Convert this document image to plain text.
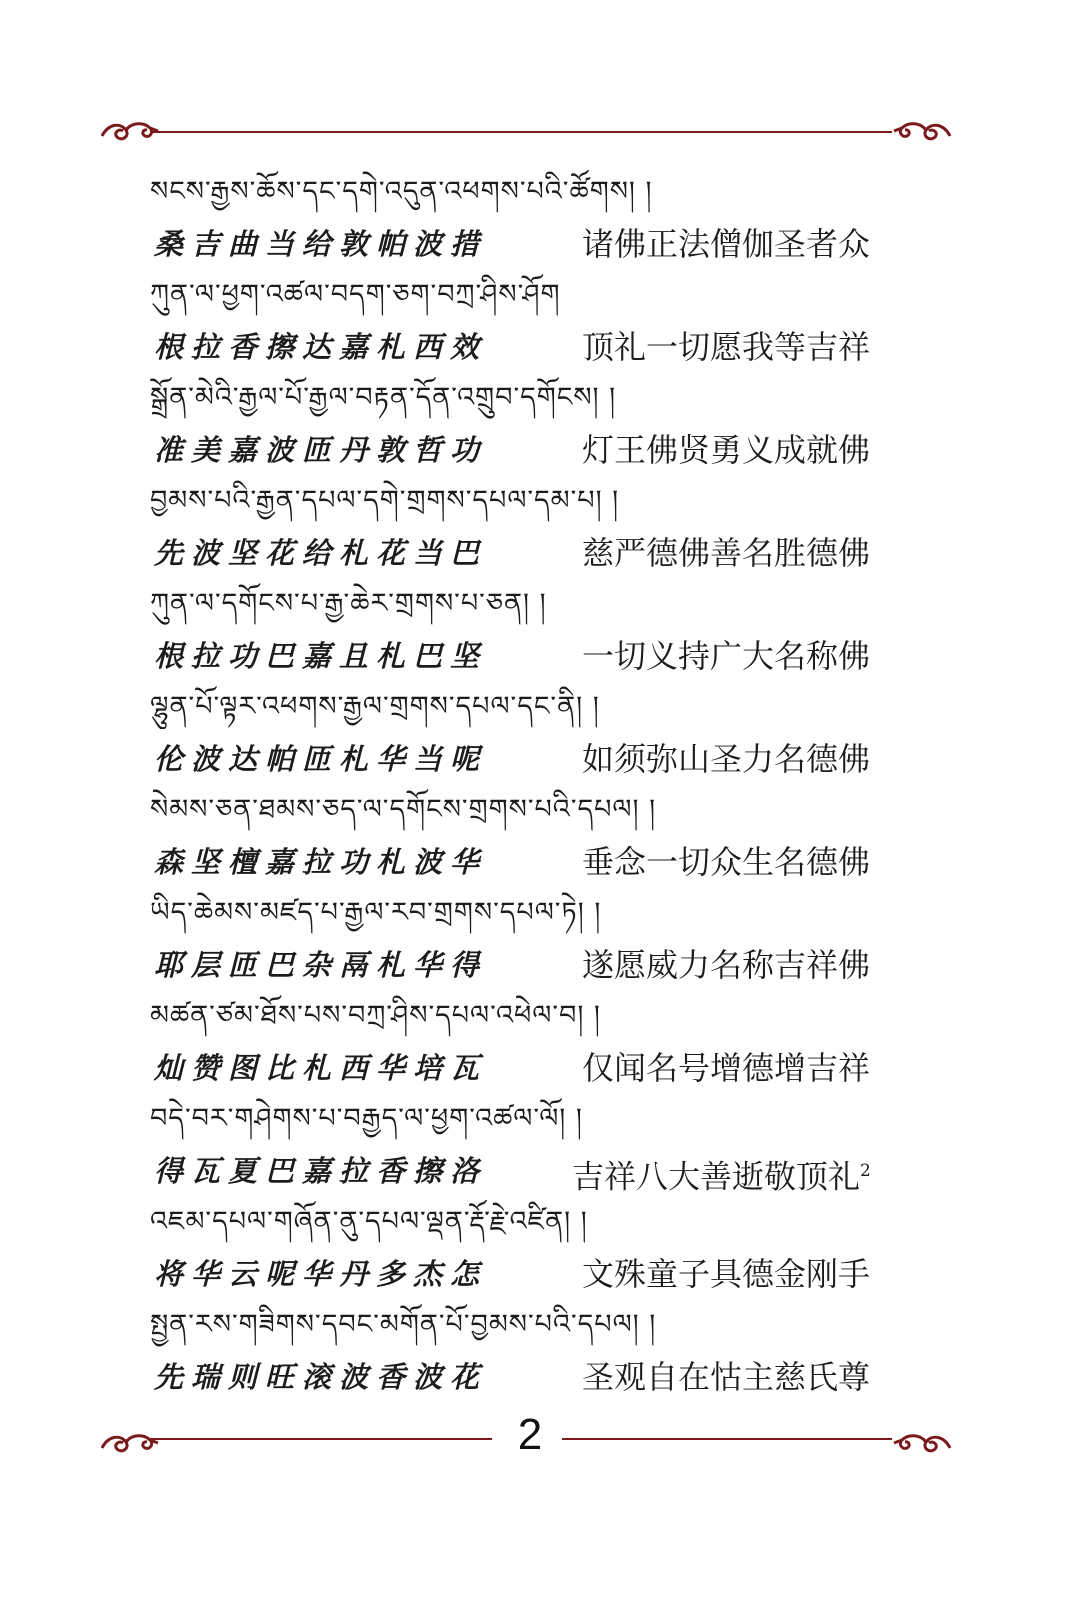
སངས་རྒྱས་ཆོས་དང་དགེ་འདུན་འཕགས་པའི་ཚོགས། །
桑吉曲当给敦帕波措	诸佛正法僧伽圣者众
ཀུན་ལ་ཕྱག་འཚལ་བདག་ཅག་བཀྲ་ཤིས་ཤོག
根拉香擦达嘉札西效	顶礼一切愿我等吉祥
སྒྲོན་མེའི་རྒྱལ་པོ་རྒྱལ་བརྟན་དོན་འགྲུབ་དགོངས། །
准美嘉波匝丹敦哲功	灯王佛贤勇义成就佛
བྱམས་པའི་རྒྱན་དཔལ་དགེ་གྲགས་དཔལ་དམ་པ། །
先波坚花给札花当巴	慈严德佛善名胜德佛
ཀུན་ལ་དགོངས་པ་རྒྱ་ཆེར་གྲགས་པ་ཅན། །
根拉功巴嘉且札巴坚	一切义持广大名称佛
ལྷུན་པོ་ལྟར་འཕགས་རྒྱལ་གྲགས་དཔལ་དང་ནི། །
伦波达帕匝札华当呢	如须弥山圣力名德佛
སེམས་ཅན་ཐམས་ཅད་ལ་དགོངས་གྲགས་པའི་དཔལ། །
森坚檀嘉拉功札波华	垂念一切众生名德佛
ཡིད་ཆེམས་མཛད་པ་རྒྱལ་རབ་གྲགས་དཔལ་ཏེ། །
耶层匝巴杂鬲札华得	遂愿威力名称吉祥佛
མཚན་ཙམ་ཐོས་པས་བཀྲ་ཤིས་དཔལ་འཕེལ་བ། །
灿赞图比札西华培瓦	仅闻名号增德增吉祥
བདེ་བར་གཤེགས་པ་བརྒྱད་ལ་ཕྱག་འཚལ་ལོ། །
得瓦夏巴嘉拉香擦洛	吉祥八大善逝敬顶礼$^2$
འཇམ་དཔལ་གཞོན་ནུ་དཔལ་ལྡན་རྡོ་རྗེ་འཛིན། །
将华云呢华丹多杰怎	文殊童子具德金刚手
སྤྱན་རས་གཟིགས་དབང་མགོན་པོ་བྱམས་པའི་དཔལ། །
先瑞则旺滚波香波花	圣观自在怙主慈氏尊
2
